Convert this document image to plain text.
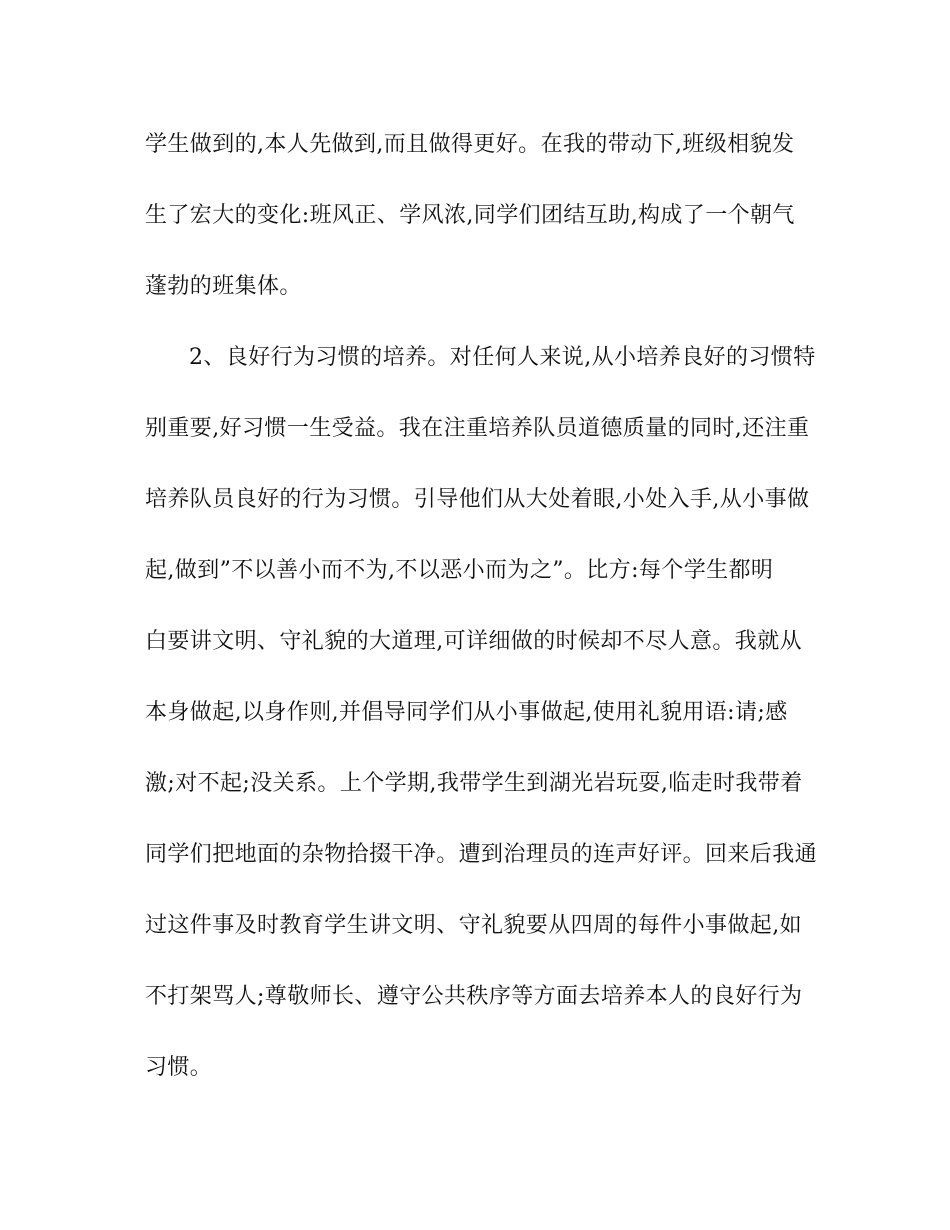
学生做到的,本人先做到,而且做得更好。在我的带动下,班级相貌发
生了宏大的变化:班风正、学风浓,同学们团结互助,构成了一个朝气
蓬勃的班集体。
2、良好行为习惯的培养。对任何人来说,从小培养良好的习惯特
别重要,好习惯一生受益。我在注重培养队员道德质量的同时,还注重
培养队员良好的行为习惯。引导他们从大处着眼,小处入手,从小事做
起,做到”不以善小而不为,不以恶小而为之”。比方:每个学生都明
白要讲文明、守礼貌的大道理,可详细做的时候却不尽人意。我就从
本身做起,以身作则,并倡导同学们从小事做起,使用礼貌用语:请;感
激;对不起;没关系。上个学期,我带学生到湖光岩玩耍,临走时我带着
同学们把地面的杂物拾掇干净。遭到治理员的连声好评。回来后我通
过这件事及时教育学生讲文明、守礼貌要从四周的每件小事做起,如
不打架骂人;尊敬师长、遵守公共秩序等方面去培养本人的良好行为
习惯。
